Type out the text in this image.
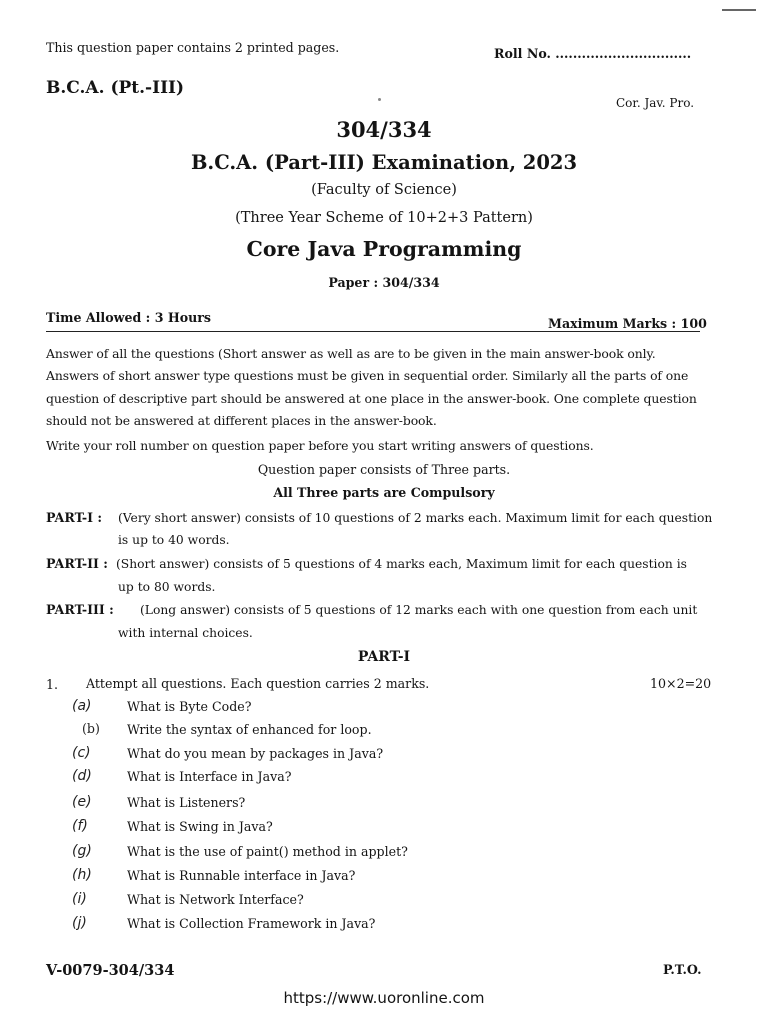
This question paper contains 2 printed pages.	Roll No. ...............................
B.C.A. (Pt.-III)
Cor. Jav. Pro.
304/334
B.C.A. (Part-III) Examination, 2023
(Faculty of Science)
(Three Year Scheme of 10+2+3 Pattern)
Core Java Programming
Paper : 304/334
Time Allowed : 3 Hours	Maximum Marks : 100
Answer of all the questions (Short answer as well as are to be given in the main answer-book only.
Answers of short answer type questions must be given in sequential order. Similarly all the parts of one
question of descriptive part should be answered at one place in the answer-book. One complete question
should not be answered at different places in the answer-book.
Write your roll number on question paper before you start writing answers of questions.
Question paper consists of Three parts.
All Three parts are Compulsory
PART-I : (Very short answer) consists of 10 questions of 2 marks each. Maximum limit for each question
is up to 40 words.
PART-II : (Short answer) consists of 5 questions of 4 marks each, Maximum limit for each question is
up to 80 words.
PART-III : (Long answer) consists of 5 questions of 12 marks each with one question from each unit
with internal choices.
PART-I
1. Attempt all questions. Each question carries 2 marks.	10×2=20
(a)	What is Byte Code?
(b)	Write the syntax of enhanced for loop.
(c)	What do you mean by packages in Java?
(d)	What is Interface in Java?
(e)	What is Listeners?
(f)	What is Swing in Java?
(g)	What is the use of paint() method in applet?
(h)	What is Runnable interface in Java?
(i)	What is Network Interface?
(j)	What is Collection Framework in Java?
V-0079-304/334	P.T.O.
https://www.uoronline.com
